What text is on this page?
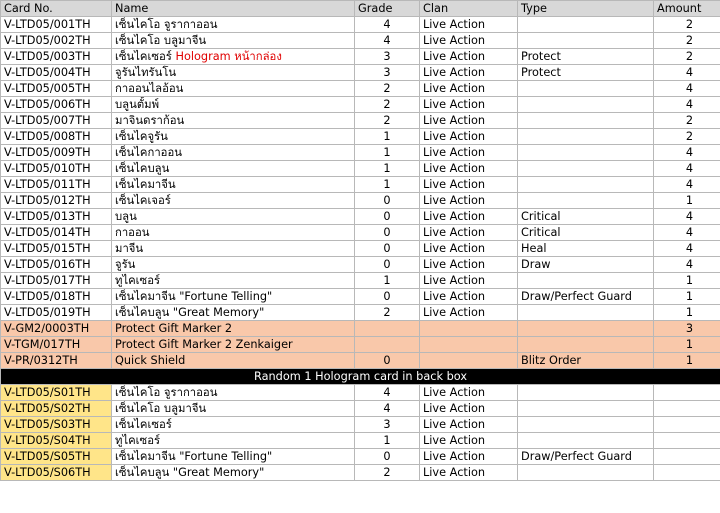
Card No.	Name	Grade	Clan	Type	Amount
V-LTD05/001TH	เซ็นไคโอ จูรากาออน	4	Live Action		2
V-LTD05/002TH	เซ็นไคโอ บลูมาจีน	4	Live Action		2
V-LTD05/003TH	เซ็นไคเซอร์ Hologram หน้ากล่อง	3	Live Action	Protect	2
V-LTD05/004TH	จูรันไทรันโน	3	Live Action	Protect	4
V-LTD05/005TH	กาออนไลอ้อน	2	Live Action		4
V-LTD05/006TH	บลูนตั้มพ์	2	Live Action		4
V-LTD05/007TH	มาจินดราก้อน	2	Live Action		2
V-LTD05/008TH	เซ็นไคจูรัน	1	Live Action		2
V-LTD05/009TH	เซ็นไคกาออน	1	Live Action		4
V-LTD05/010TH	เซ็นไคบลูน	1	Live Action		4
V-LTD05/011TH	เซ็นไคมาจีน	1	Live Action		4
V-LTD05/012TH	เซ็นไคเจอร์	0	Live Action		1
V-LTD05/013TH	บลูน	0	Live Action	Critical	4
V-LTD05/014TH	กาออน	0	Live Action	Critical	4
V-LTD05/015TH	มาจีน	0	Live Action	Heal	4
V-LTD05/016TH	จูรัน	0	Live Action	Draw	4
V-LTD05/017TH	ทูไคเซอร์	1	Live Action		1
V-LTD05/018TH	เซ็นไคมาจีน "Fortune Telling"	0	Live Action	Draw/Perfect Guard	1
V-LTD05/019TH	เซ็นไคบลูน "Great Memory"	2	Live Action		1
V-GM2/0003TH	Protect Gift Marker 2				3
V-TGM/017TH	Protect Gift Marker 2 Zenkaiger				1
V-PR/0312TH	Quick Shield	0		Blitz Order	1
Random 1 Hologram card in back box					
V-LTD05/S01TH	เซ็นไคโอ จูรากาออน	4	Live Action		
V-LTD05/S02TH	เซ็นไคโอ บลูมาจีน	4	Live Action		
V-LTD05/S03TH	เซ็นไคเซอร์	3	Live Action		
V-LTD05/S04TH	ทูไคเซอร์	1	Live Action		
V-LTD05/S05TH	เซ็นไคมาจีน "Fortune Telling"	0	Live Action	Draw/Perfect Guard	
V-LTD05/S06TH	เซ็นไคบลูน "Great Memory"	2	Live Action		
